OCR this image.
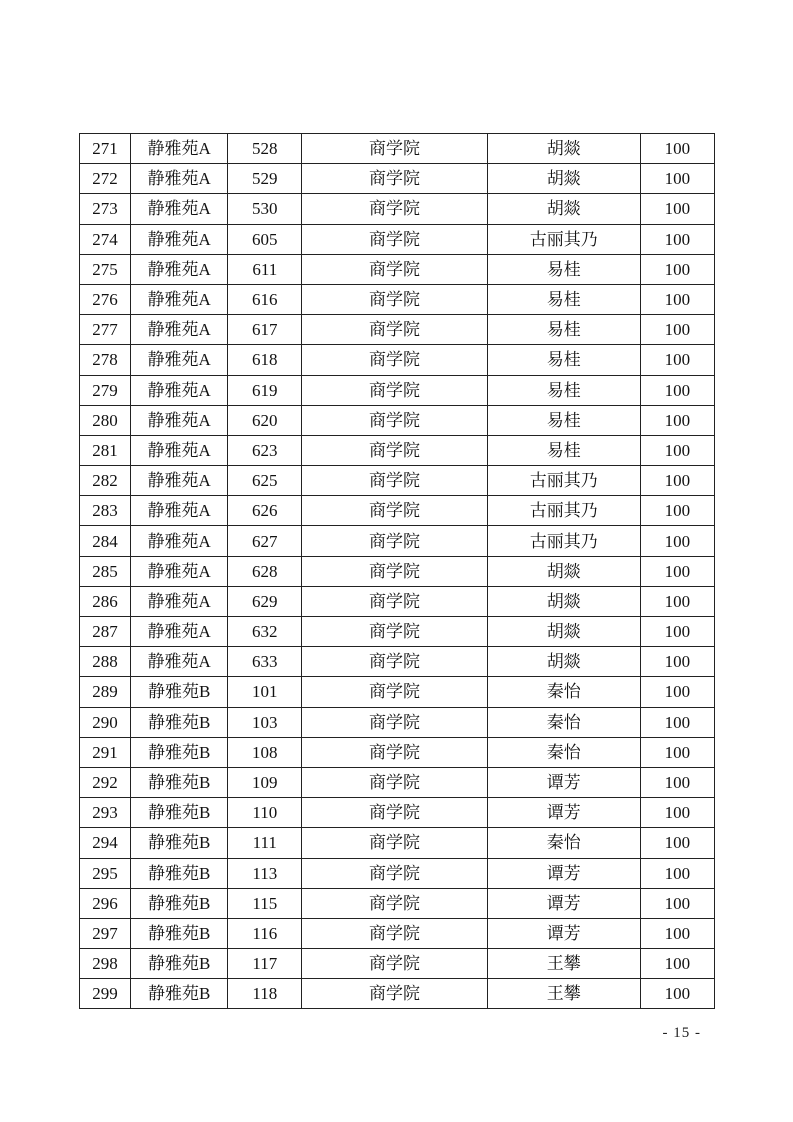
271	静雅苑A	528	商学院	胡燚	100
272	静雅苑A	529	商学院	胡燚	100
273	静雅苑A	530	商学院	胡燚	100
274	静雅苑A	605	商学院	古丽其乃	100
275	静雅苑A	611	商学院	易桂	100
276	静雅苑A	616	商学院	易桂	100
277	静雅苑A	617	商学院	易桂	100
278	静雅苑A	618	商学院	易桂	100
279	静雅苑A	619	商学院	易桂	100
280	静雅苑A	620	商学院	易桂	100
281	静雅苑A	623	商学院	易桂	100
282	静雅苑A	625	商学院	古丽其乃	100
283	静雅苑A	626	商学院	古丽其乃	100
284	静雅苑A	627	商学院	古丽其乃	100
285	静雅苑A	628	商学院	胡燚	100
286	静雅苑A	629	商学院	胡燚	100
287	静雅苑A	632	商学院	胡燚	100
288	静雅苑A	633	商学院	胡燚	100
289	静雅苑B	101	商学院	秦怡	100
290	静雅苑B	103	商学院	秦怡	100
291	静雅苑B	108	商学院	秦怡	100
292	静雅苑B	109	商学院	谭芳	100
293	静雅苑B	110	商学院	谭芳	100
294	静雅苑B	111	商学院	秦怡	100
295	静雅苑B	113	商学院	谭芳	100
296	静雅苑B	115	商学院	谭芳	100
297	静雅苑B	116	商学院	谭芳	100
298	静雅苑B	117	商学院	王攀	100
299	静雅苑B	118	商学院	王攀	100
- 15 -
